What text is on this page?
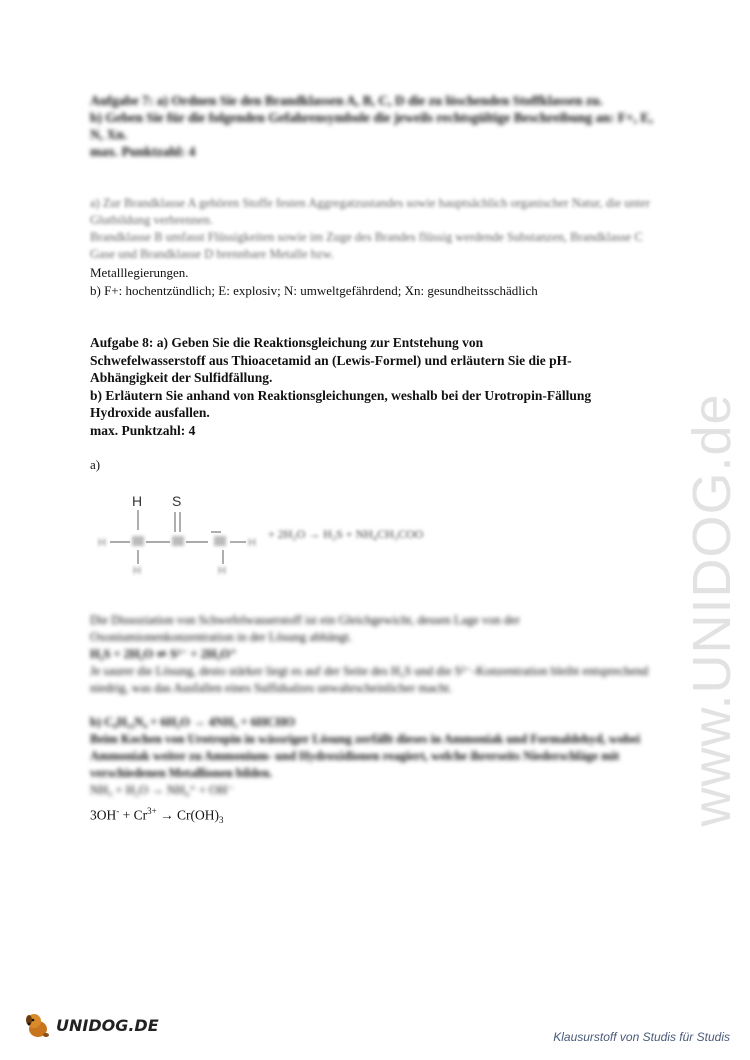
Aufgabe 7: a) Ordnen Sie den Brandklassen A, B, C, D die zu löschenden Stoffklassen zu.
b) Geben Sie für die folgenden Gefahrensymbole die jeweils rechtsgültige Beschreibung an: F+, E, N, Xn.
max. Punktzahl: 4
a) Zur Brandklasse A gehören Stoffe festen Aggregatzustandes sowie hauptsächlich organischer Natur, die unter Glutbildung verbrennen.
Brandklasse B umfasst Flüssigkeiten sowie im Zuge des Brandes flüssig werdende Substanzen, Brandklasse C Gase und Brandklasse D brennbare Metalle bzw.
Metalllegierungen.
b) F+: hochentzündlich; E: explosiv; N: umweltgefährdend; Xn: gesundheitsschädlich
Aufgabe 8: a) Geben Sie die Reaktionsgleichung zur Entstehung von
Schwefelwasserstoff aus Thioacetamid an (Lewis-Formel) und erläutern Sie die pH-
Abhängigkeit der Sulfidfällung.
b) Erläutern Sie anhand von Reaktionsgleichungen, weshalb bei der Urotropin-Fällung
Hydroxide ausfallen.
max. Punktzahl: 4
a)
H S
H
H
H
H
+ 2H₂O → H₂S + NH₄CH₃COO
Die Dissoziation von Schwefelwasserstoff ist ein Gleichgewicht, dessen Lage von der Oxoniumionenkonzentration in der Lösung abhängt.
H₂S + 2H₂O ⇌ S²⁻ + 2H₃O⁺
Je saurer die Lösung, desto stärker liegt es auf der Seite des H₂S und die S²⁻-Konzentration bleibt entsprechend niedrig, was das Ausfallen eines Sulfidsalzes unwahrscheinlicher macht.
b) C₆H₁₂N₄ + 6H₂O → 4NH₃ + 6HCHO
Beim Kochen von Urotropin in wässriger Lösung zerfällt dieses in Ammoniak und Formaldehyd, wobei Ammoniak weiter zu Ammonium- und Hydroxidionen reagiert, welche ihrerseits Niederschläge mit verschiedenen Metallionen bilden.
NH₃ + H₂O → NH₄⁺ + OH⁻
$3OH^- + Cr^{3+} \to Cr(OH)_3$	www.UNIDOG.de
UNIDOG.DE
Klausurstoff von Studis für Studis
